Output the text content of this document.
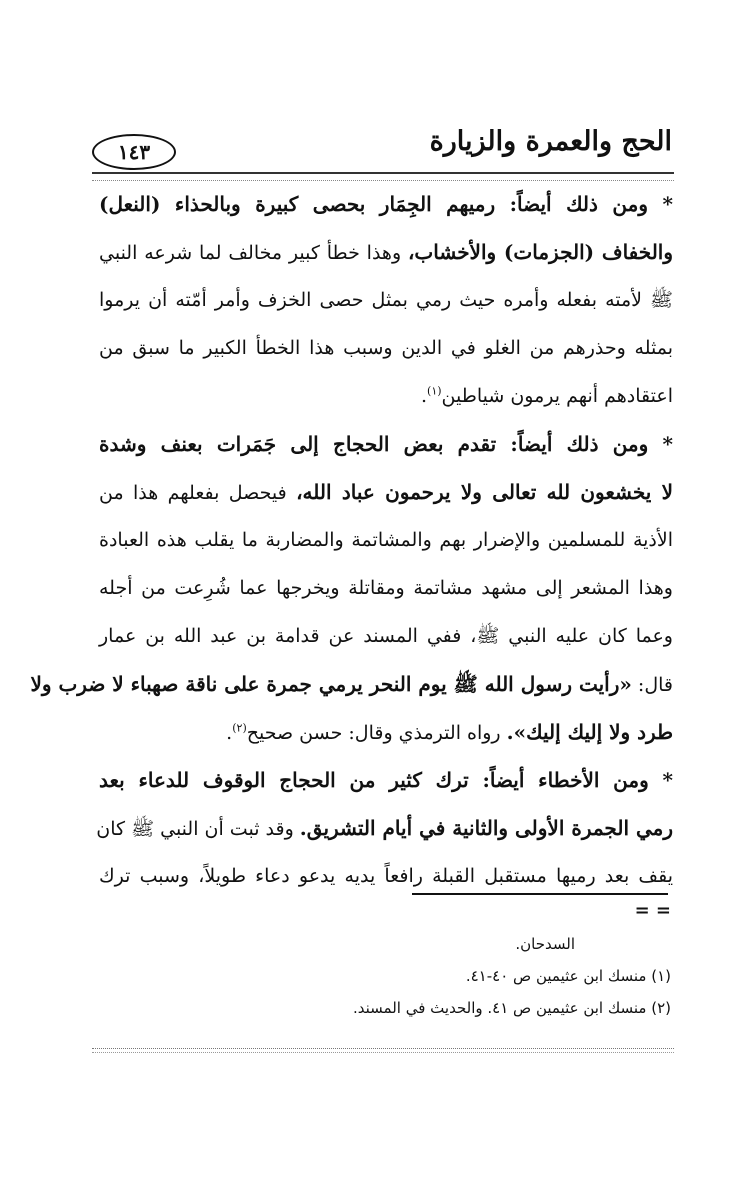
الحج والعمرة والزيارة
١٤٣
* ومن ذلك أيضاً: رميهم الجِمَار بحصى كبيرة وبالحذاء (النعل)
والخفاف (الجزمات) والأخشاب، وهذا خطأ كبير مخالف لما شرعه النبي
ﷺ لأمته بفعله وأمره حيث رمي بمثل حصى الخزف وأمر أمّته أن يرموا
بمثله وحذرهم من الغلو في الدين وسبب هذا الخطأ الكبير ما سبق من
اعتقادهم أنهم يرمون شياطين$^{(١)}$.
* ومن ذلك أيضاً: تقدم بعض الحجاج إلى جَمَرات بعنف وشدة
لا يخشعون لله تعالى ولا يرحمون عباد الله، فيحصل بفعلهم هذا من
الأذية للمسلمين والإضرار بهم والمشاتمة والمضاربة ما يقلب هذه العبادة
وهذا المشعر إلى مشهد مشاتمة ومقاتلة ويخرجها عما شُرِعت من أجله
وعما كان عليه النبي ﷺ، ففي المسند عن قدامة بن عبد الله بن عمار
قال: «رأيت رسول الله ﷺ يوم النحر يرمي جمرة على ناقة صهباء لا ضرب ولا
طرد ولا إليك إليك». رواه الترمذي وقال: حسن صحيح$^{(٢)}$.
* ومن الأخطاء أيضاً: ترك كثير من الحجاج الوقوف للدعاء بعد
رمي الجمرة الأولى والثانية في أيام التشريق. وقد ثبت أن النبي ﷺ كان
يقف بعد رميها مستقبل القبلة رافعاً يديه يدعو دعاء طويلاً، وسبب ترك
= =
السدحان.
(١) منسك ابن عثيمين ص ٤٠-٤١.
(٢) منسك ابن عثيمين ص ٤١. والحديث في المسند.
